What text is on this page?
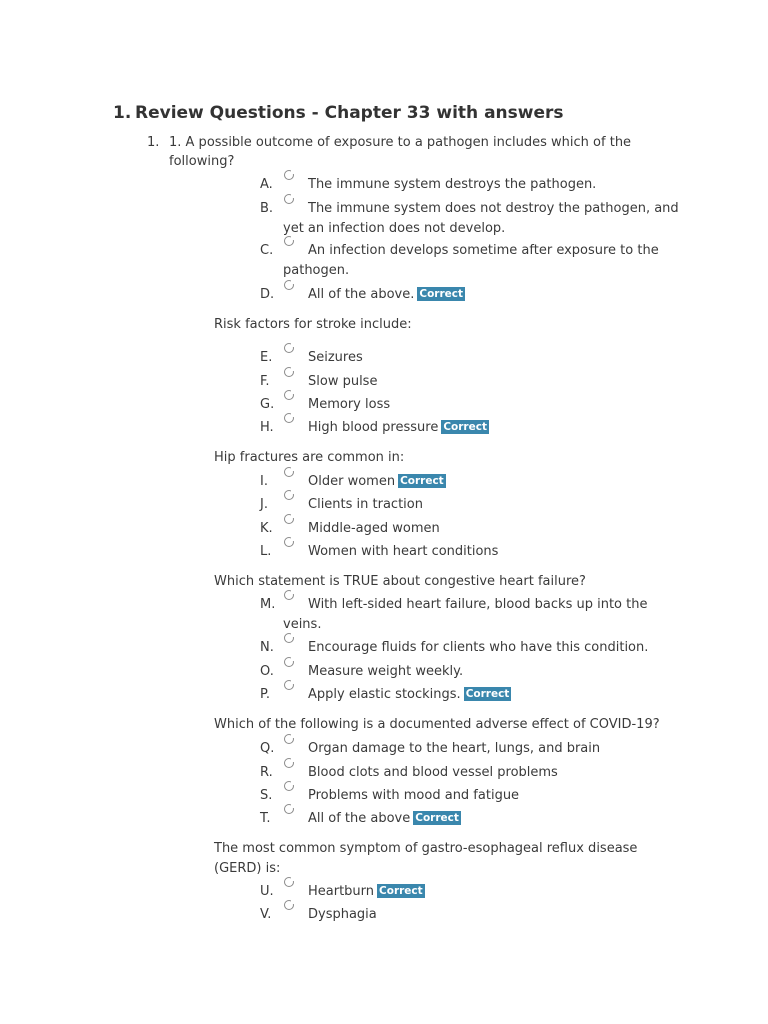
1. Review Questions - Chapter 33 with answers
1. 1. A possible outcome of exposure to a pathogen includes which of the following?
A.	The immune system destroys the pathogen.
B.	The immune system does not destroy the pathogen, and yet an infection does not develop.
C.	An infection develops sometime after exposure to the pathogen.
D.	All of the above. Correct
Risk factors for stroke include:
E.	Seizures
F.	Slow pulse
G.	Memory loss
H.	High blood pressure Correct
Hip fractures are common in:
I.	Older women Correct
J.	Clients in traction
K.	Middle-aged women
L.	Women with heart conditions
Which statement is TRUE about congestive heart failure?
M.	With left-sided heart failure, blood backs up into the veins.
N.	Encourage fluids for clients who have this condition.
O.	Measure weight weekly.
P.	Apply elastic stockings. Correct
Which of the following is a documented adverse effect of COVID-19?
Q.	Organ damage to the heart, lungs, and brain
R.	Blood clots and blood vessel problems
S.	Problems with mood and fatigue
T.	All of the above Correct
The most common symptom of gastro-esophageal reflux disease (GERD) is:
U.	Heartburn Correct
V.	Dysphagia
